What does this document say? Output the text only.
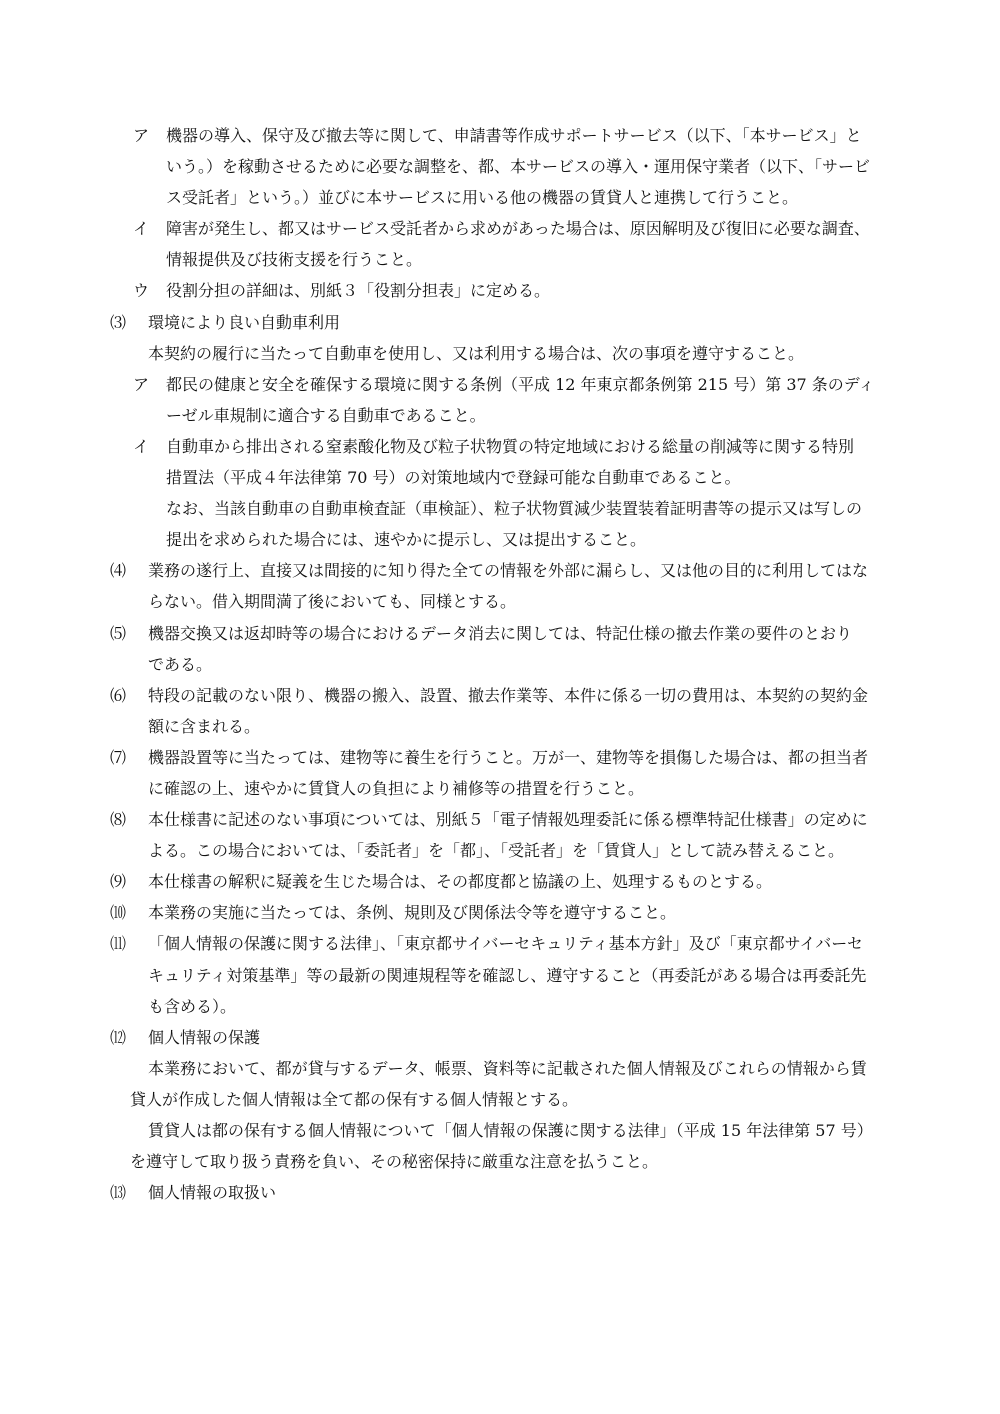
ア 機器の導入、保守及び撤去等に関して、申請書等作成サポートサービス（以下、「本サービス」と
いう。）を稼動させるために必要な調整を、都、本サービスの導入・運用保守業者（以下、「サービ
ス受託者」という。）並びに本サービスに用いる他の機器の賃貸人と連携して行うこと。
イ 障害が発生し、都又はサービス受託者から求めがあった場合は、原因解明及び復旧に必要な調査、
情報提供及び技術支援を行うこと。
ウ 役割分担の詳細は、別紙３「役割分担表」に定める。
⑶ 環境により良い自動車利用
本契約の履行に当たって自動車を使用し、又は利用する場合は、次の事項を遵守すること。
ア 都民の健康と安全を確保する環境に関する条例（平成 12 年東京都条例第 215 号）第 37 条のディ
ーゼル車規制に適合する自動車であること。
イ 自動車から排出される窒素酸化物及び粒子状物質の特定地域における総量の削減等に関する特別
措置法（平成４年法律第 70 号）の対策地域内で登録可能な自動車であること。
なお、当該自動車の自動車検査証（車検証）、粒子状物質減少装置装着証明書等の提示又は写しの
提出を求められた場合には、速やかに提示し、又は提出すること。
⑷ 業務の遂行上、直接又は間接的に知り得た全ての情報を外部に漏らし、又は他の目的に利用してはな
らない。借入期間満了後においても、同様とする。
⑸ 機器交換又は返却時等の場合におけるデータ消去に関しては、特記仕様の撤去作業の要件のとおり
である。
⑹ 特段の記載のない限り、機器の搬入、設置、撤去作業等、本件に係る一切の費用は、本契約の契約金
額に含まれる。
⑺ 機器設置等に当たっては、建物等に養生を行うこと。万が一、建物等を損傷した場合は、都の担当者
に確認の上、速やかに賃貸人の負担により補修等の措置を行うこと。
⑻ 本仕様書に記述のない事項については、別紙５「電子情報処理委託に係る標準特記仕様書」の定めに
よる。この場合においては、「委託者」を「都」、「受託者」を「賃貸人」として読み替えること。
⑼ 本仕様書の解釈に疑義を生じた場合は、その都度都と協議の上、処理するものとする。
⑽ 本業務の実施に当たっては、条例、規則及び関係法令等を遵守すること。
⑾ 「個人情報の保護に関する法律」、「東京都サイバーセキュリティ基本方針」及び「東京都サイバーセ
キュリティ対策基準」等の最新の関連規程等を確認し、遵守すること（再委託がある場合は再委託先
も含める）。
⑿ 個人情報の保護
本業務において、都が貸与するデータ、帳票、資料等に記載された個人情報及びこれらの情報から賃
貸人が作成した個人情報は全て都の保有する個人情報とする。
賃貸人は都の保有する個人情報について「個人情報の保護に関する法律」（平成 15 年法律第 57 号）
を遵守して取り扱う責務を負い、その秘密保持に厳重な注意を払うこと。
⒀ 個人情報の取扱い
